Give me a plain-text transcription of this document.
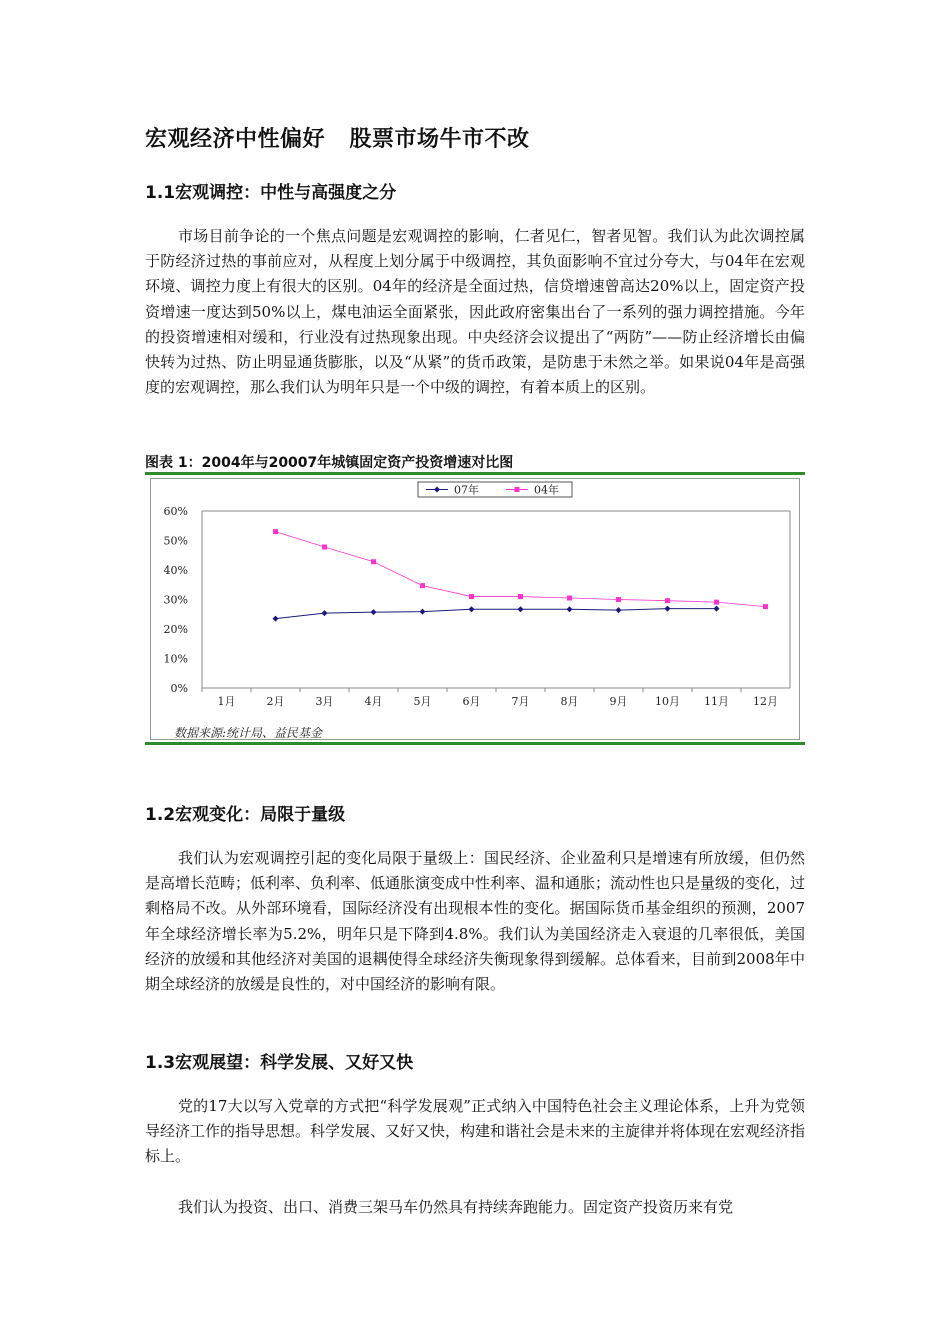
宏观经济中性偏好   股票市场牛市不改
1.1宏观调控：中性与高强度之分
市场目前争论的一个焦点问题是宏观调控的影响，仁者见仁，智者见智。我们认为此次调控属于防经济过热的事前应对，从程度上划分属于中级调控，其负面影响不宜过分夸大，与04年在宏观环境、调控力度上有很大的区别。04年的经济是全面过热，信贷增速曾高达20%以上，固定资产投资增速一度达到50%以上，煤电油运全面紧张，因此政府密集出台了一系列的强力调控措施。今年的投资增速相对缓和，行业没有过热现象出现。中央经济会议提出了“两防”——防止经济增长由偏快转为过热、防止明显通货膨胀，以及“从紧”的货币政策，是防患于未然之举。如果说04年是高强度的宏观调控，那么我们认为明年只是一个中级的调控，有着本质上的区别。
图表 1：2004年与20007年城镇固定资产投资增速对比图
0%
10%
20%
30%
40%
50%
60%
1月	2月	3月	4月	5月	6月	7月	8月	9月	10月 11月 12月
07年	04年
数据来源:统计局、益民基金
1.2宏观变化：局限于量级
我们认为宏观调控引起的变化局限于量级上：国民经济、企业盈利只是增速有所放缓，但仍然是高增长范畴；低利率、负利率、低通胀演变成中性利率、温和通胀；流动性也只是量级的变化，过剩格局不改。从外部环境看，国际经济没有出现根本性的变化。据国际货币基金组织的预测，2007年全球经济增长率为5.2%，明年只是下降到4.8%。我们认为美国经济走入衰退的几率很低，美国经济的放缓和其他经济对美国的退耦使得全球经济失衡现象得到缓解。总体看来，目前到2008年中期全球经济的放缓是良性的，对中国经济的影响有限。
1.3宏观展望：科学发展、又好又快
党的17大以写入党章的方式把“科学发展观”正式纳入中国特色社会主义理论体系，上升为党领导经济工作的指导思想。科学发展、又好又快，构建和谐社会是未来的主旋律并将体现在宏观经济指标上。
我们认为投资、出口、消费三架马车仍然具有持续奔跑能力。固定资产投资历来有党
